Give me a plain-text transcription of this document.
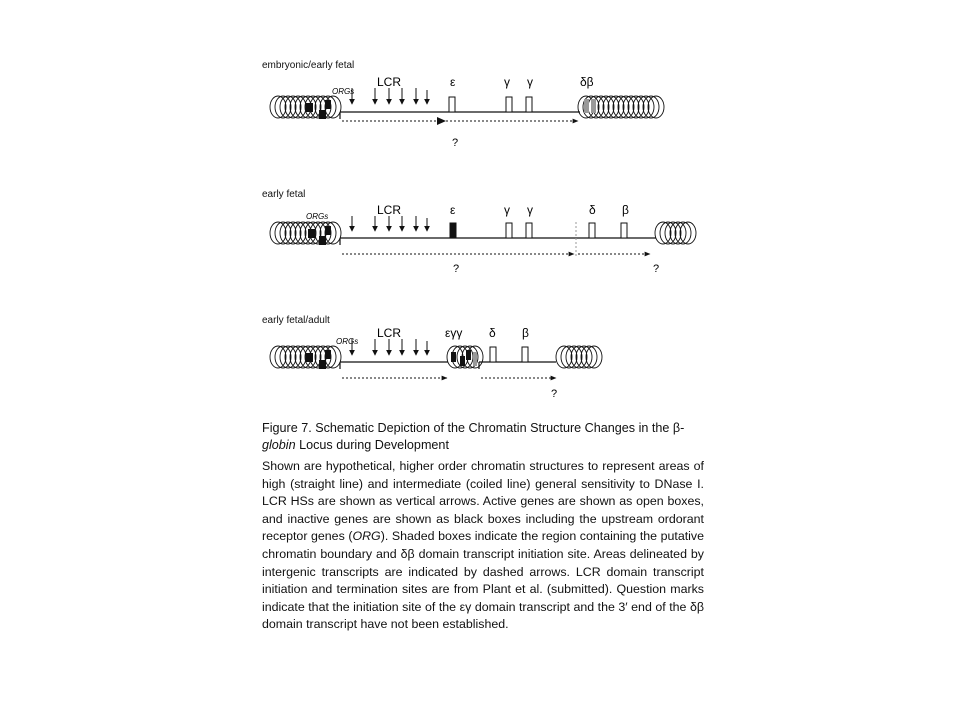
embryonic/early fetal
early fetal
early fetal/adult
ORGs
LCR	ε	γ γ	δβ
?
ORGs	LCR	ε	γ γ	δ β
?	?
ORGs
LCR	εγγ δ β
?

Figure 7. Schematic Depiction of the Chromatin Structure Changes in the β-globin Locus during Development

Shown are hypothetical, higher order chromatin structures to represent areas of high (straight line) and intermediate (coiled line) general sensitivity to DNase I. LCR HSs are shown as vertical arrows. Active genes are shown as open boxes, and inactive genes are shown as black boxes including the upstream ordorant receptor genes (ORG). Shaded boxes indicate the region containing the putative chromatin boundary and δβ domain transcript initiation site. Areas delineated by intergenic transcripts are indicated by dashed arrows. LCR domain transcript initiation and termination sites are from Plant et al. (submitted). Question marks indicate that the initiation site of the εγ domain transcript and the 3′ end of the δβ domain transcript have not been established.
